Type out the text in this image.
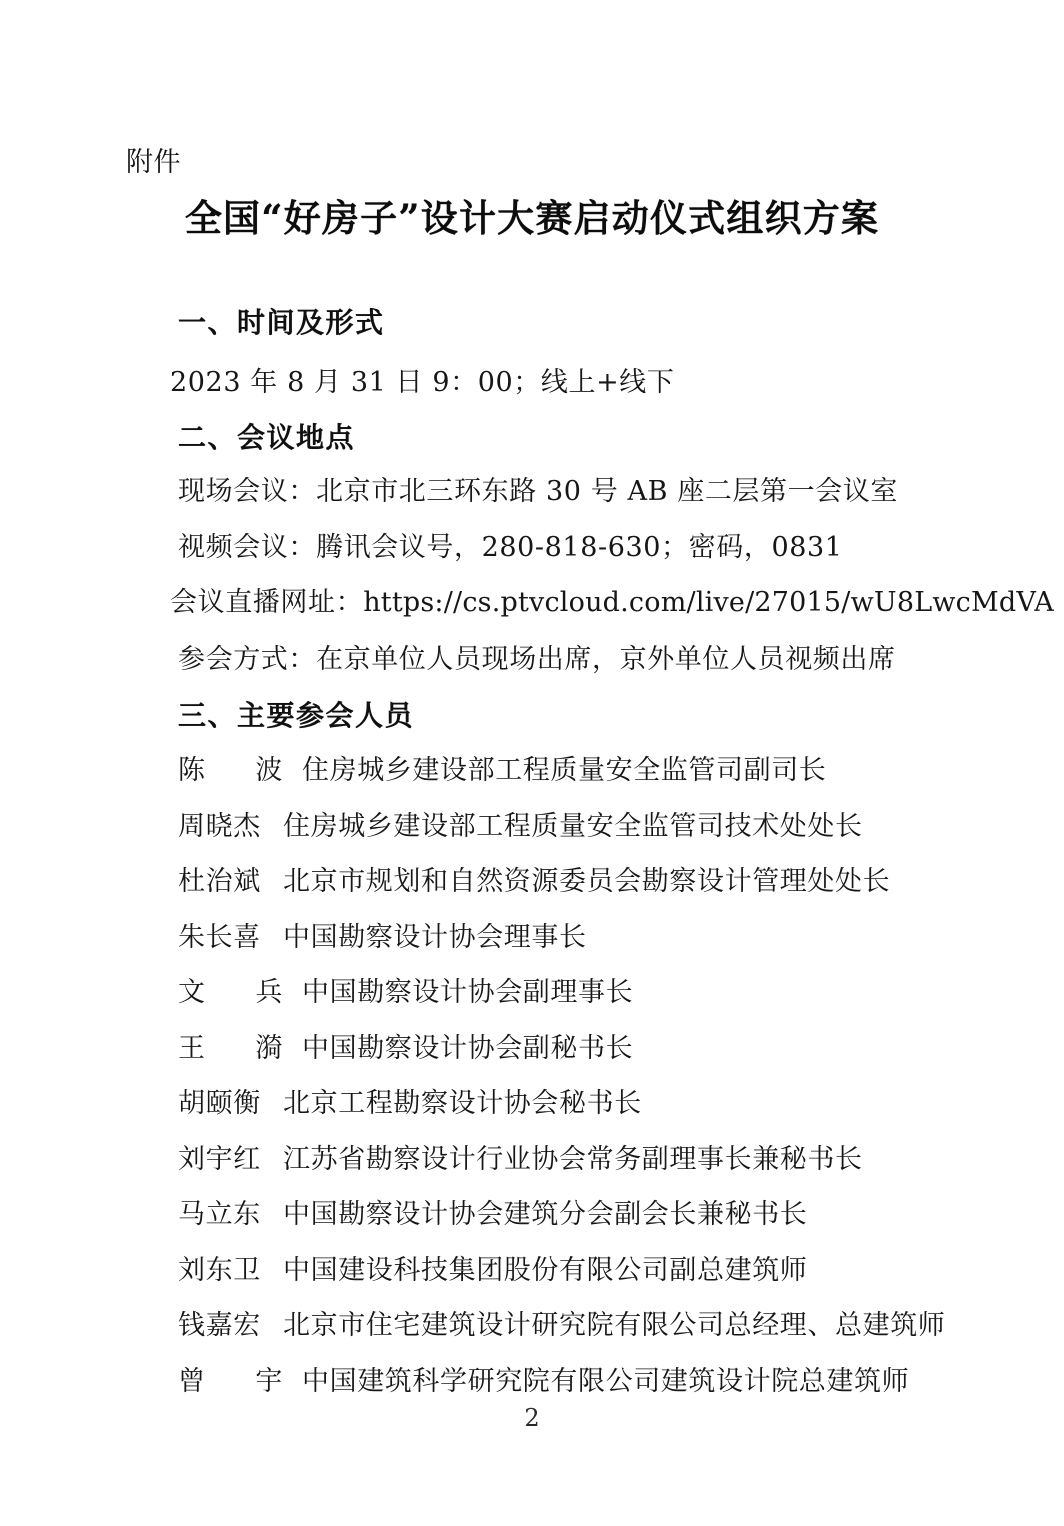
附件
全国“好房子”设计大赛启动仪式组织方案
一、时间及形式
2023 年 8 月 31 日 9：00；线上+线下
二、会议地点
现场会议：北京市北三环东路 30 号 AB 座二层第一会议室
视频会议：腾讯会议号，280-818-630；密码，0831
会议直播网址：https://cs.ptvcloud.com/live/27015/wU8LwcMdVA
参会方式：在京单位人员现场出席，京外单位人员视频出席
三、主要参会人员
陈 波 住房城乡建设部工程质量安全监管司副司长
周晓杰 住房城乡建设部工程质量安全监管司技术处处长
杜治斌 北京市规划和自然资源委员会勘察设计管理处处长
朱长喜 中国勘察设计协会理事长
文 兵 中国勘察设计协会副理事长
王 漪 中国勘察设计协会副秘书长
胡颐衡 北京工程勘察设计协会秘书长
刘宇红 江苏省勘察设计行业协会常务副理事长兼秘书长
马立东 中国勘察设计协会建筑分会副会长兼秘书长
刘东卫 中国建设科技集团股份有限公司副总建筑师
钱嘉宏 北京市住宅建筑设计研究院有限公司总经理、总建筑师
曾 宇 中国建筑科学研究院有限公司建筑设计院总建筑师
2
